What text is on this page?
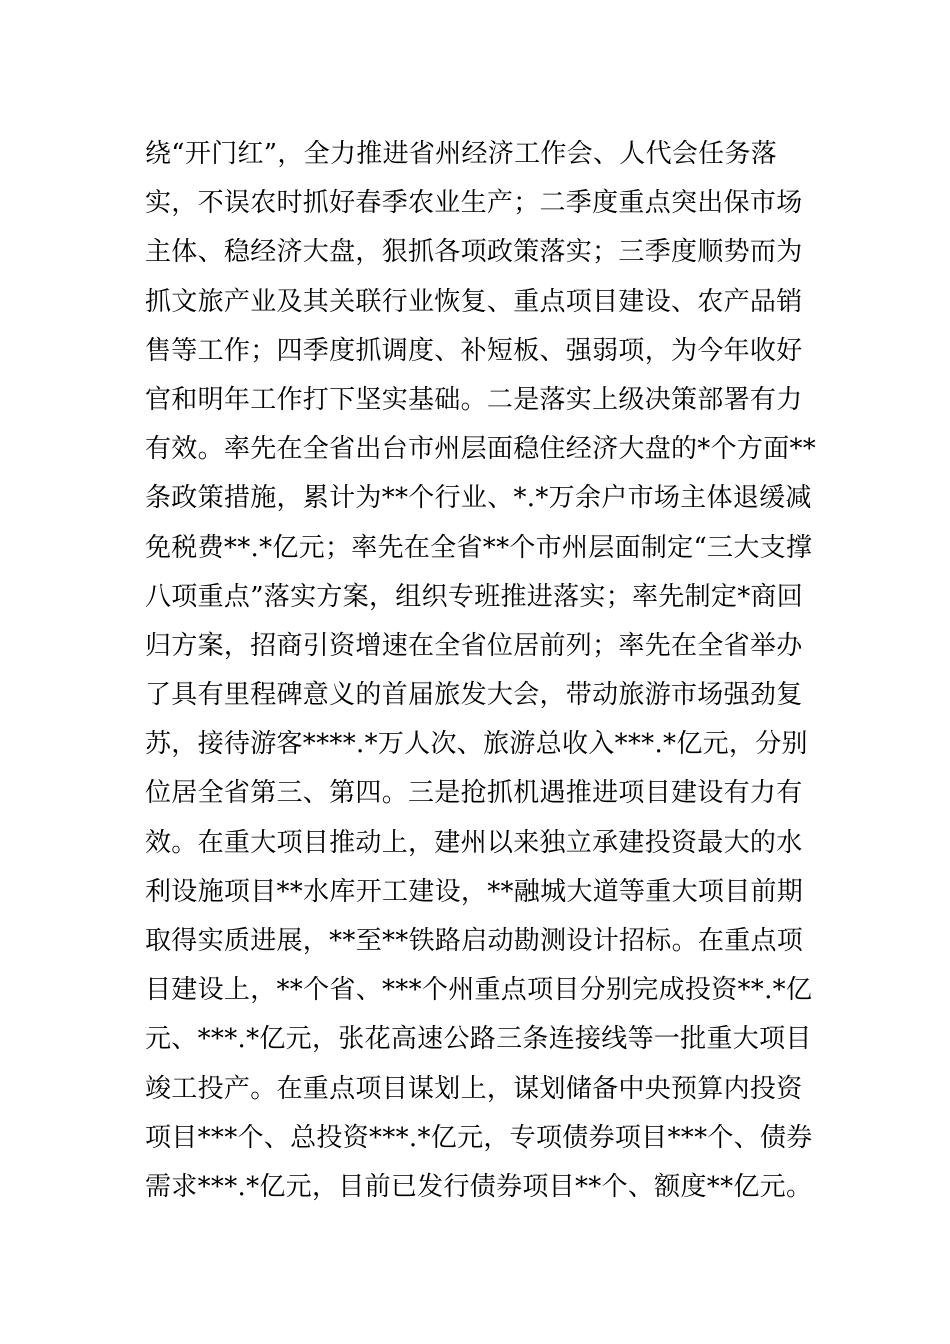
绕“开门红”，全力推进省州经济工作会、人代会任务落
实，不误农时抓好春季农业生产；二季度重点突出保市场
主体、稳经济大盘，狠抓各项政策落实；三季度顺势而为
抓文旅产业及其关联行业恢复、重点项目建设、农产品销
售等工作；四季度抓调度、补短板、强弱项，为今年收好
官和明年工作打下坚实基础。二是落实上级决策部署有力
有效。率先在全省出台市州层面稳住经济大盘的*个方面**
条政策措施，累计为**个行业、*.*万余户市场主体退缓减
免税费**.*亿元；率先在全省**个市州层面制定“三大支撑
八项重点”落实方案，组织专班推进落实；率先制定*商回
归方案，招商引资增速在全省位居前列；率先在全省举办
了具有里程碑意义的首届旅发大会，带动旅游市场强劲复
苏，接待游客****.*万人次、旅游总收入***.*亿元，分别
位居全省第三、第四。三是抢抓机遇推进项目建设有力有
效。在重大项目推动上，建州以来独立承建投资最大的水
利设施项目**水库开工建设，**融城大道等重大项目前期
取得实质进展，**至**铁路启动勘测设计招标。在重点项
目建设上，**个省、***个州重点项目分别完成投资**.*亿
元、***.*亿元，张花高速公路三条连接线等一批重大项目
竣工投产。在重点项目谋划上，谋划储备中央预算内投资
项目***个、总投资***.*亿元，专项债券项目***个、债券
需求***.*亿元，目前已发行债券项目**个、额度**亿元。
